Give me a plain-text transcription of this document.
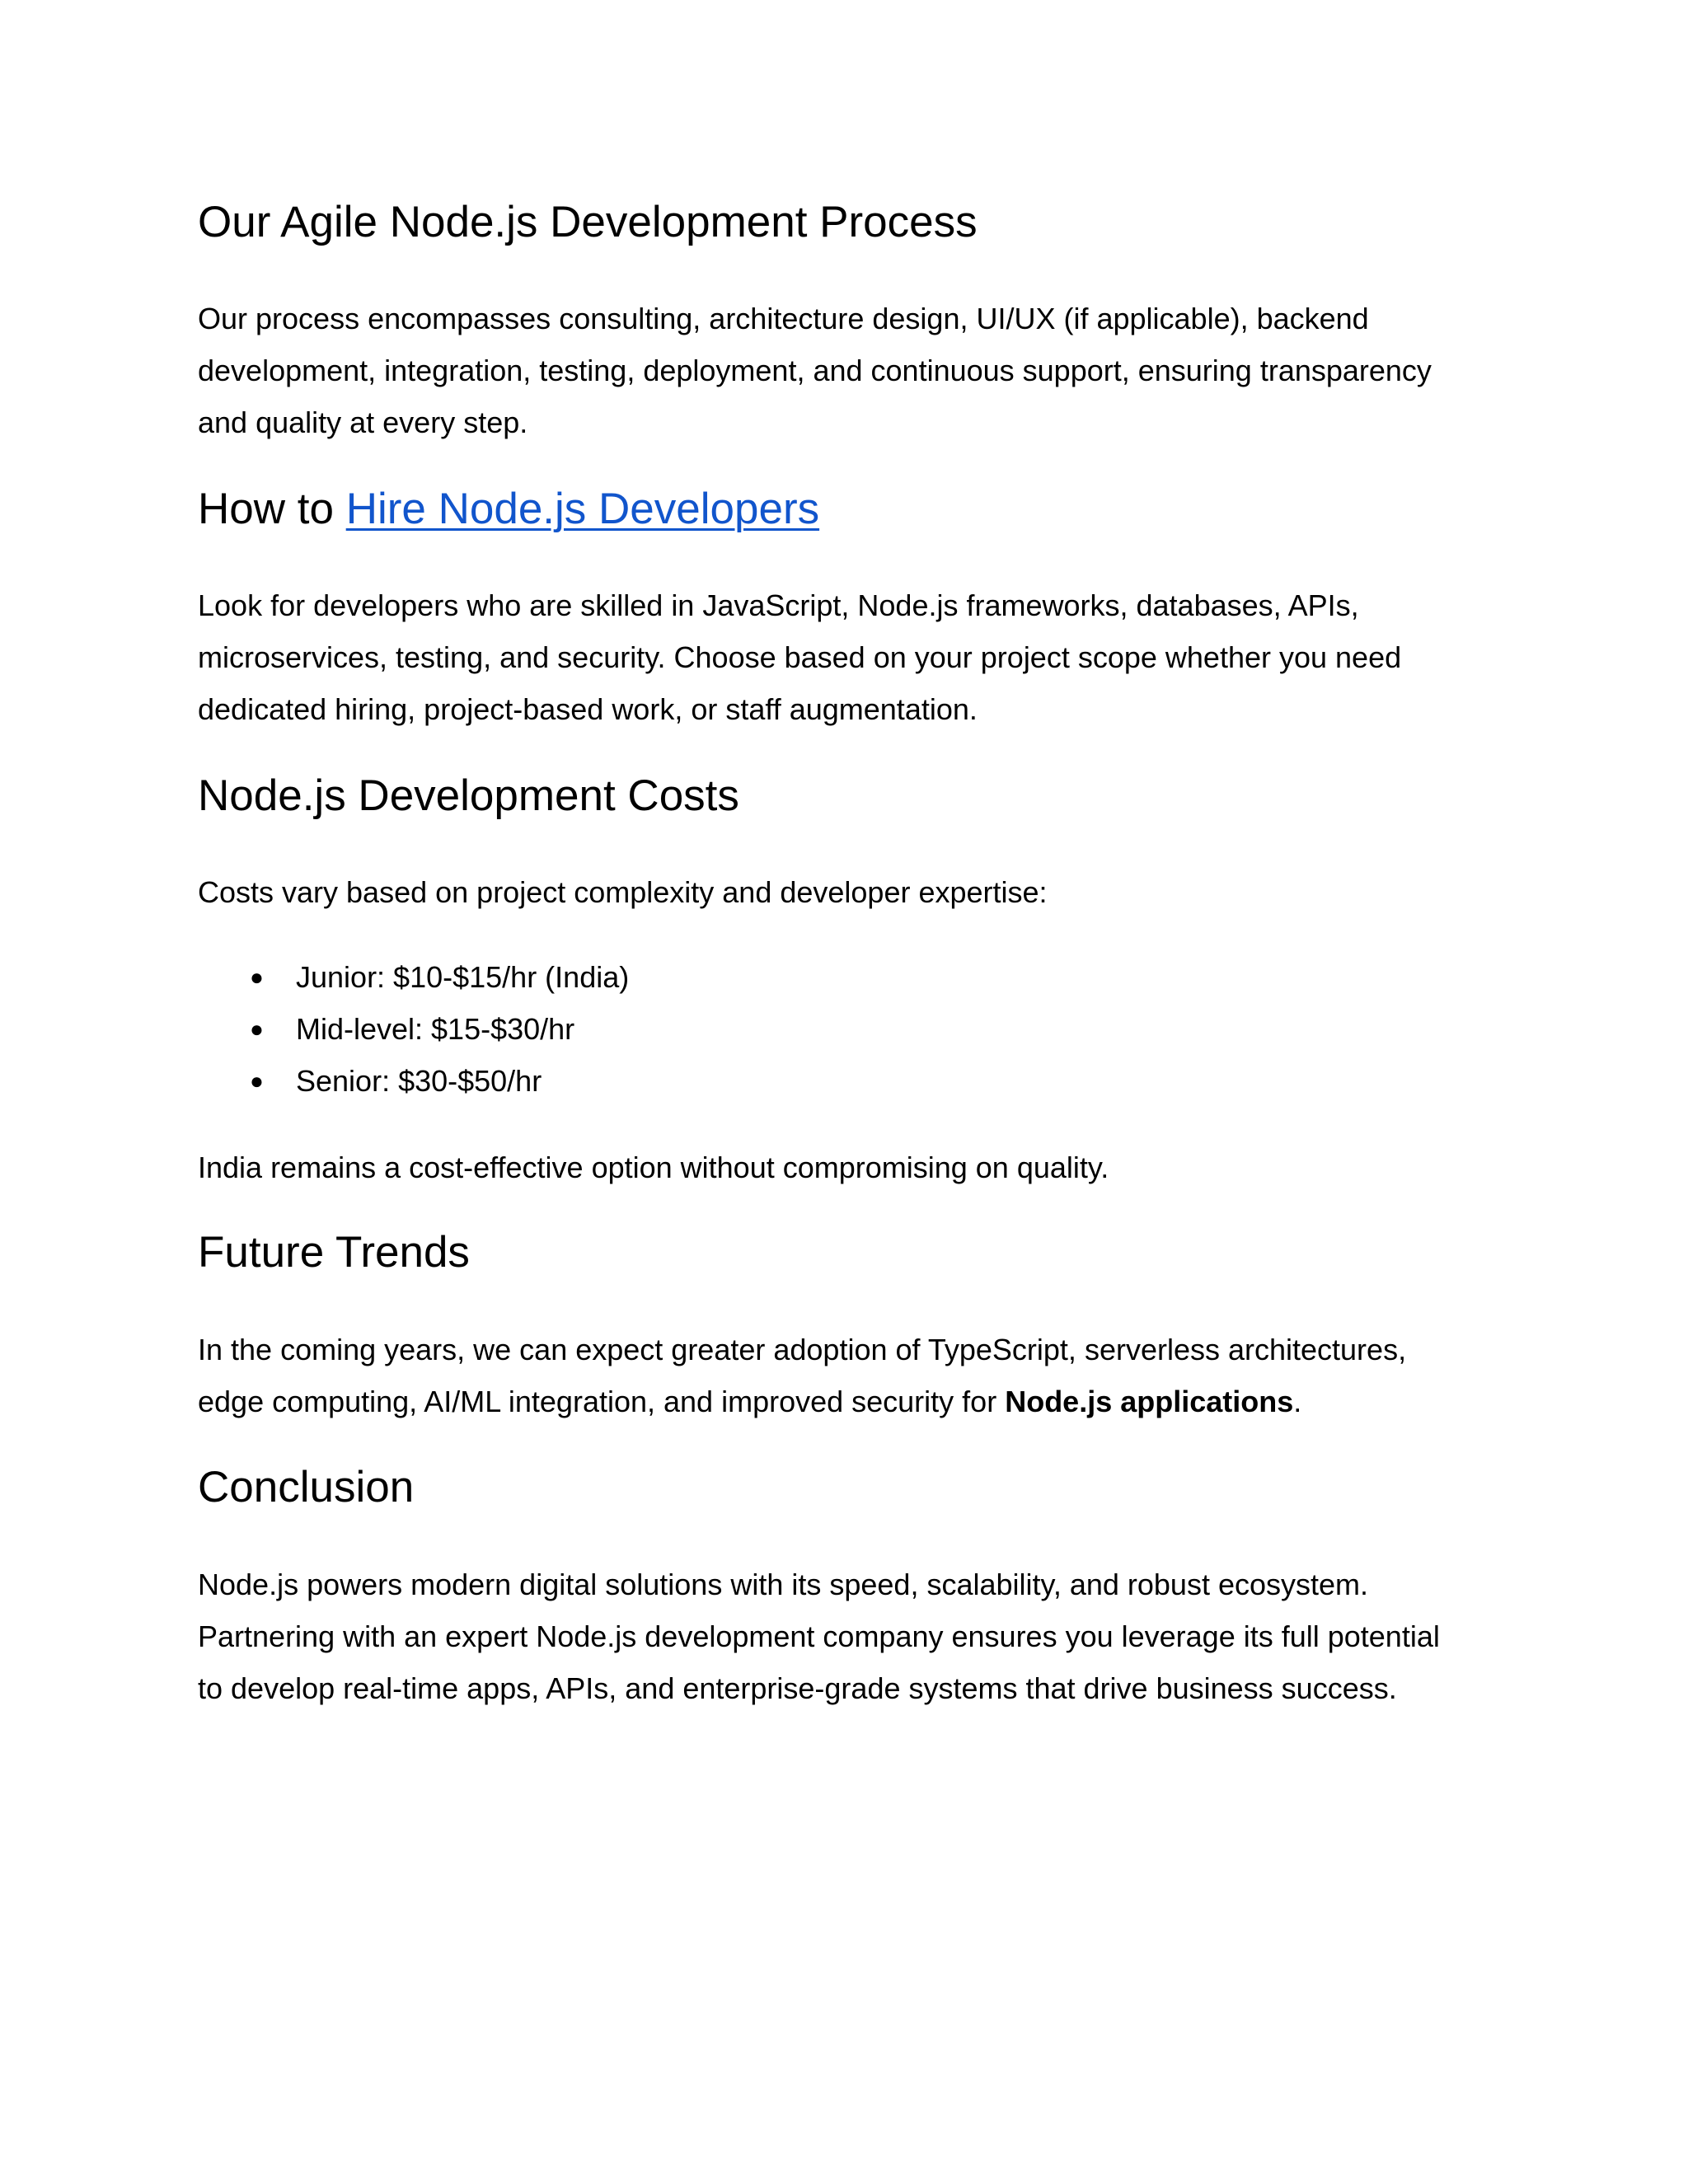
Our Agile Node.js Development Process

Our process encompasses consulting, architecture design, UI/UX (if applicable), backend
development, integration, testing, deployment, and continuous support, ensuring transparency
and quality at every step.

How to Hire Node.js Developers

Look for developers who are skilled in JavaScript, Node.js frameworks, databases, APIs,
microservices, testing, and security. Choose based on your project scope whether you need
dedicated hiring, project-based work, or staff augmentation.

Node.js Development Costs

Costs vary based on project complexity and developer expertise:

● Junior: $10-$15/hr (India)
● Mid-level: $15-$30/hr
● Senior: $30-$50/hr

India remains a cost-effective option without compromising on quality.

Future Trends

In the coming years, we can expect greater adoption of TypeScript, serverless architectures,
edge computing, AI/ML integration, and improved security for Node.js applications.

Conclusion

Node.js powers modern digital solutions with its speed, scalability, and robust ecosystem.
Partnering with an expert Node.js development company ensures you leverage its full potential
to develop real-time apps, APIs, and enterprise-grade systems that drive business success.
